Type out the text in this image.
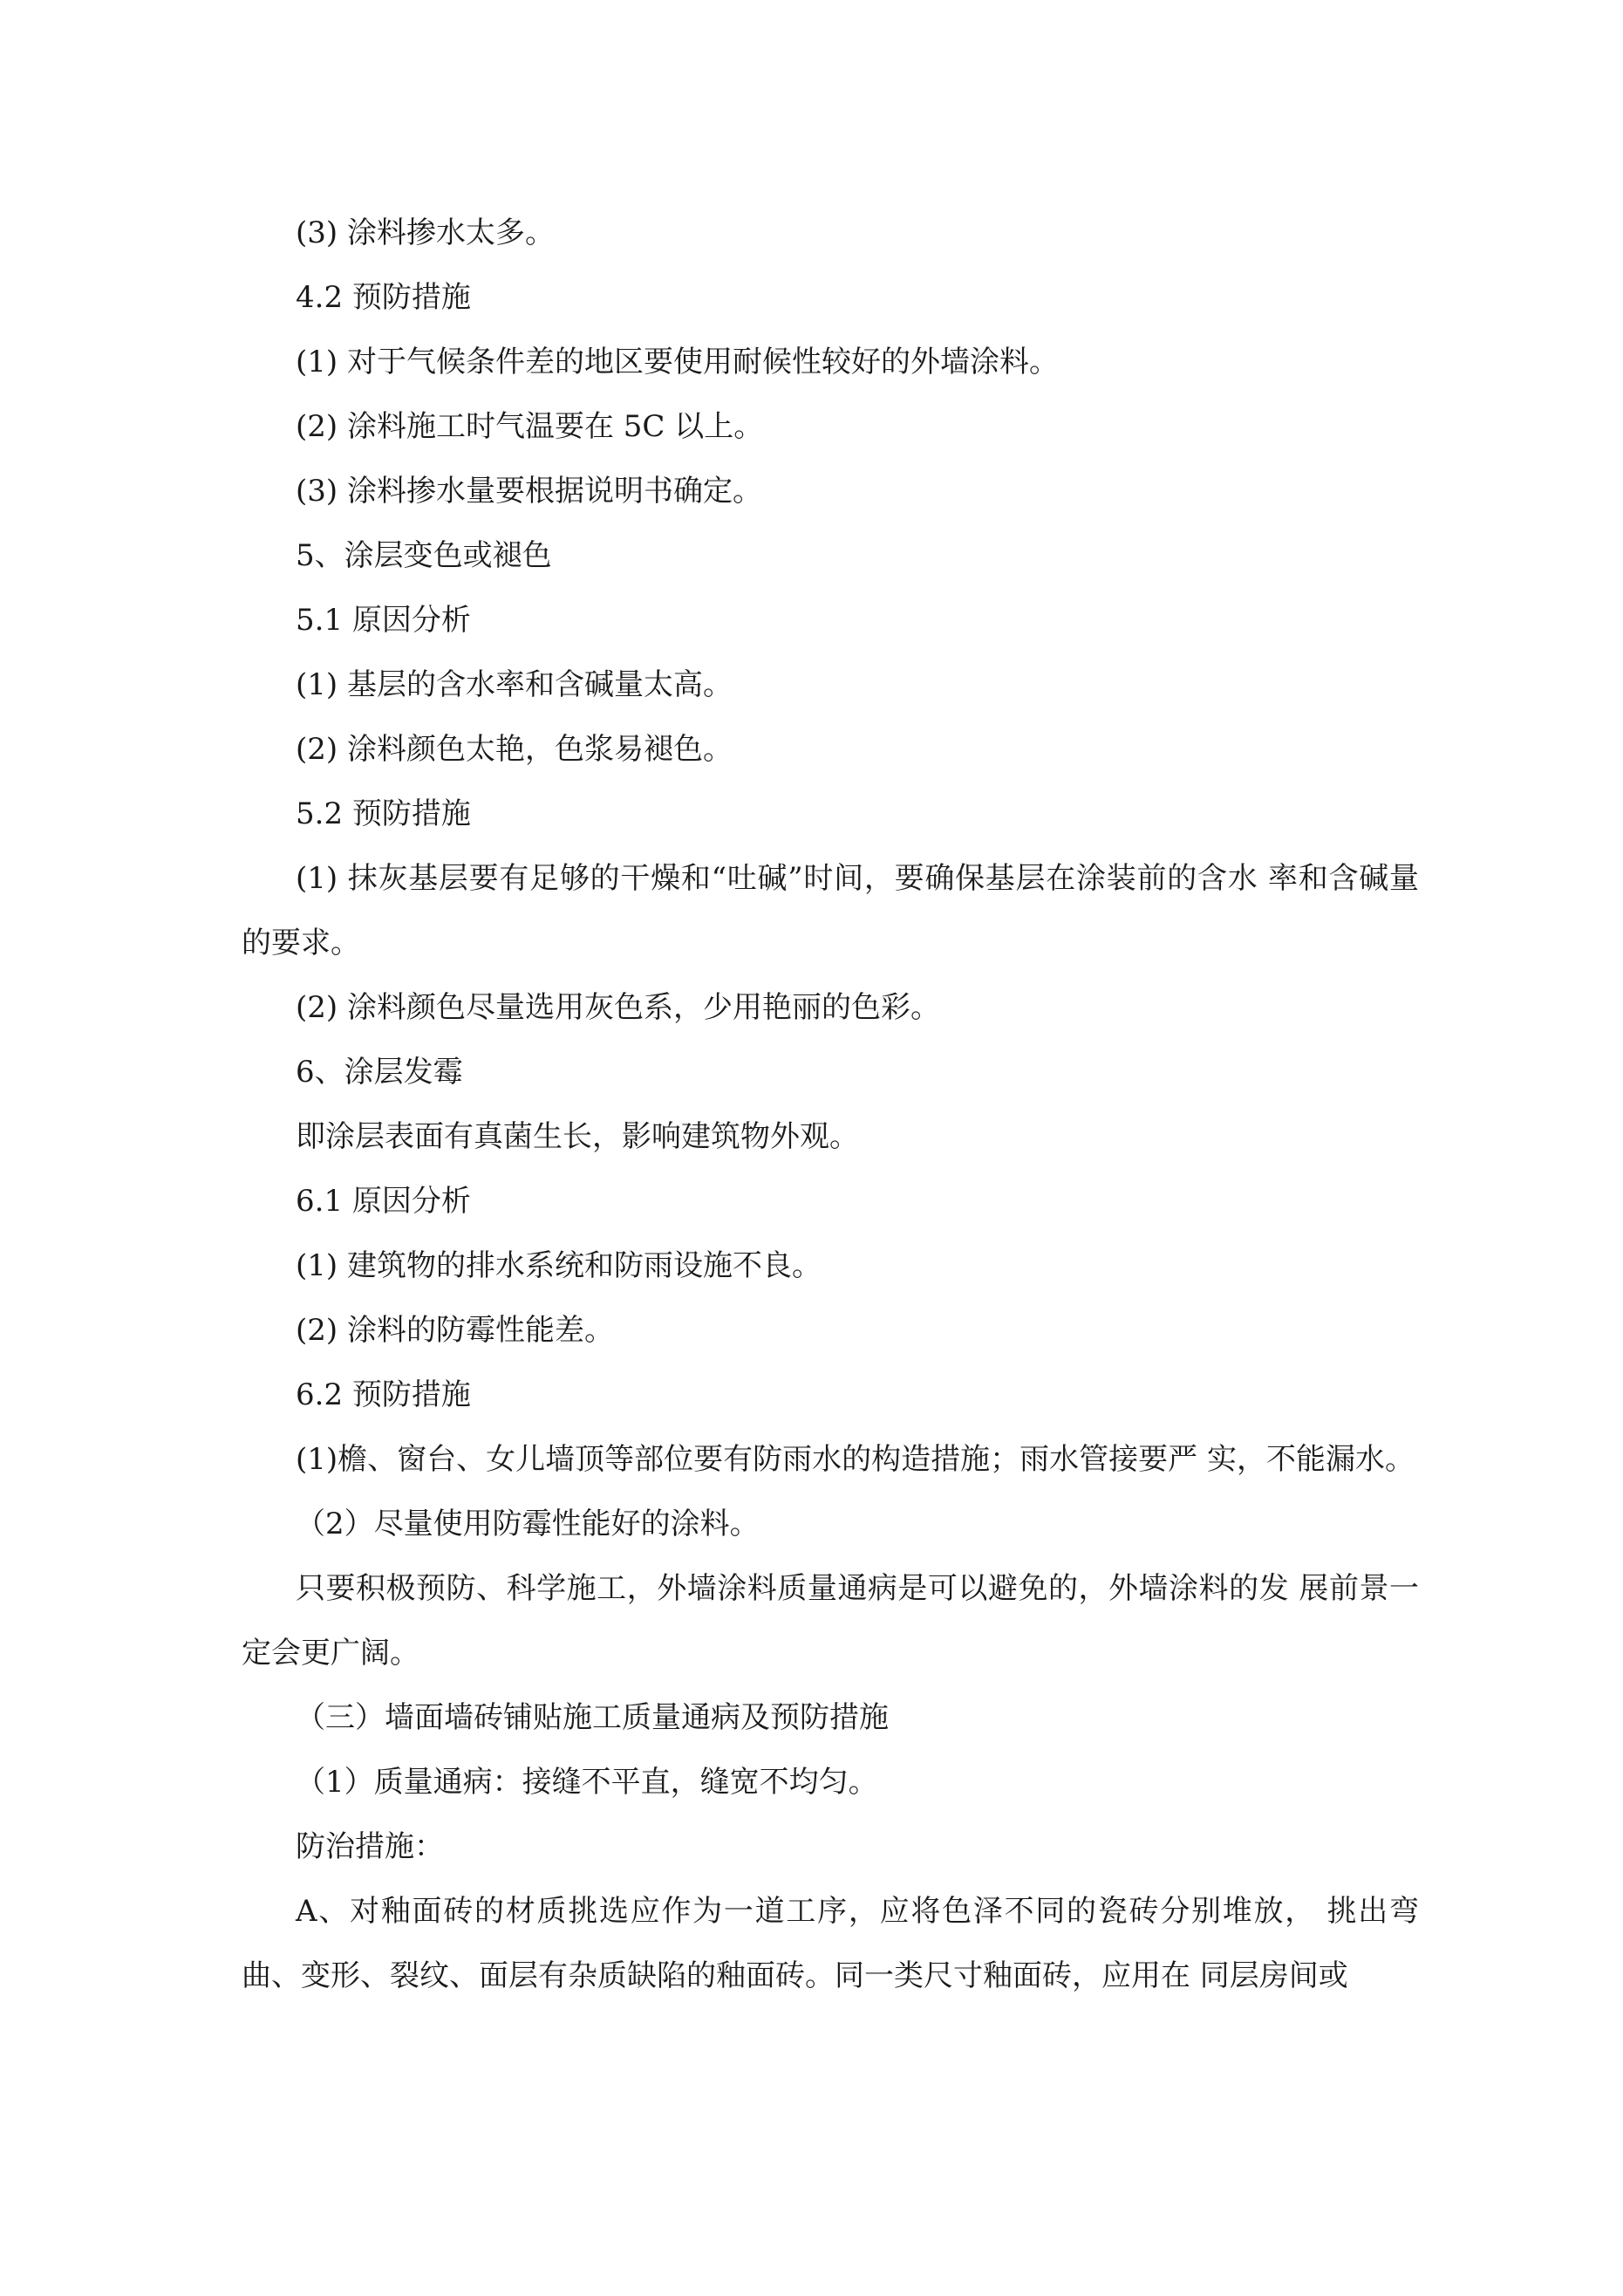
(3) 涂料掺水太多。

4.2 预防措施

(1) 对于气候条件差的地区要使用耐候性较好的外墙涂料。

(2) 涂料施工时气温要在 5C 以上。

(3) 涂料掺水量要根据说明书确定。

5、涂层变色或褪色

5.1 原因分析

(1) 基层的含水率和含碱量太高。

(2) 涂料颜色太艳，色浆易褪色。

5.2 预防措施

(1) 抹灰基层要有足够的干燥和“吐碱”时间，要确保基层在涂装前的含水 率和含碱量的要求。

(2) 涂料颜色尽量选用灰色系，少用艳丽的色彩。

6、涂层发霉

即涂层表面有真菌生长，影响建筑物外观。

6.1 原因分析

(1) 建筑物的排水系统和防雨设施不良。

(2) 涂料的防霉性能差。

6.2 预防措施

(1)檐、窗台、女儿墙顶等部位要有防雨水的构造措施；雨水管接要严 实，不能漏水。

（2）尽量使用防霉性能好的涂料。

只要积极预防、科学施工，外墙涂料质量通病是可以避免的，外墙涂料的发 展前景一定会更广阔。

（三）墙面墙砖铺贴施工质量通病及预防措施

（1）质量通病：接缝不平直，缝宽不均匀。

防治措施：

A、对釉面砖的材质挑选应作为一道工序，应将色泽不同的瓷砖分别堆放， 挑出弯曲、变形、裂纹、面层有杂质缺陷的釉面砖。同一类尺寸釉面砖，应用在 同层房间或
